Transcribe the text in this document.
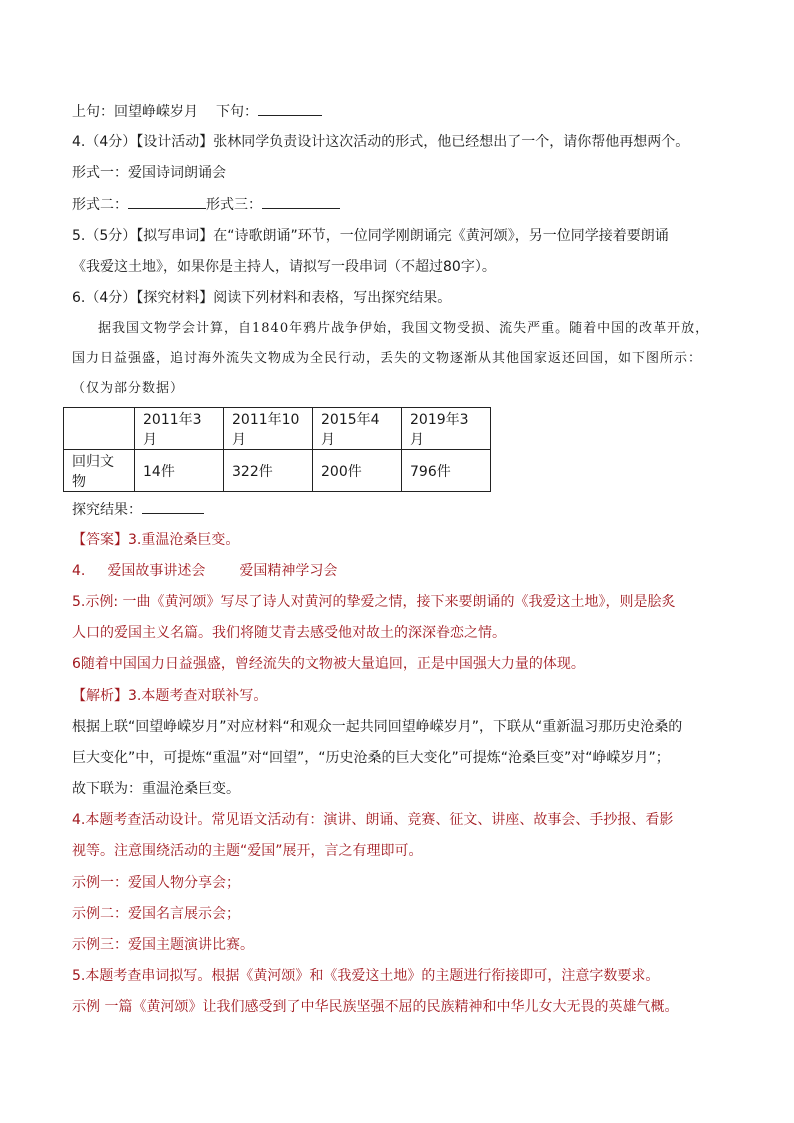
上句：回望峥嵘岁月 下句：
4.（4分）【设计活动】张林同学负责设计这次活动的形式，他已经想出了一个，请你帮他再想两个。
形式一：爱国诗词朗诵会
形式二：	形式三：
5.（5分）【拟写串词】在“诗歌朗诵”环节，一位同学刚朗诵完《黄河颂》，另一位同学接着要朗诵
《我爱这土地》，如果你是主持人，请拟写一段串词（不超过80字）。
6.（4分）【探究材料】阅读下列材料和表格，写出探究结果。
据我国文物学会计算，自1840年鸦片战争伊始，我国文物受损、流失严重。随着中国的改革开放，国力日益强盛，追讨海外流失文物成为全民行动，丢失的文物逐渐从其他国家返还回国，如下图所示：（仅为部分数据）
	2011年3月	2011年10月	2015年4月	2019年3月
回归文物	14件	322件	200件	796件
探究结果：
【答案】3.重温沧桑巨变。
4. 爱国故事讲述会 爱国精神学习会
5.示例: 一曲《黄河颂》写尽了诗人对黄河的挚爱之情，接下来要朗诵的《我爱这土地》，则是脍炙
人口的爱国主义名篇。我们将随艾青去感受他对故土的深深眷恋之情。
6随着中国国力日益强盛，曾经流失的文物被大量追回，正是中国强大力量的体现。
【解析】3.本题考查对联补写。
根据上联“回望峥嵘岁月”对应材料“和观众一起共同回望峥嵘岁月”，下联从“重新温习那历史沧桑的
巨大变化”中，可提炼“重温”对“回望”，“历史沧桑的巨大变化”可提炼“沧桑巨变”对“峥嵘岁月”；
故下联为：重温沧桑巨变。
4.本题考查活动设计。常见语文活动有：演讲、朗诵、竞赛、征文、讲座、故事会、手抄报、看影
视等。注意围绕活动的主题“爱国”展开，言之有理即可。
示例一：爱国人物分享会；
示例二：爱国名言展示会；
示例三：爱国主题演讲比赛。
5.本题考查串词拟写。根据《黄河颂》和《我爱这土地》的主题进行衔接即可，注意字数要求。
示例 一篇《黄河颂》让我们感受到了中华民族坚强不屈的民族精神和中华儿女大无畏的英雄气概。
